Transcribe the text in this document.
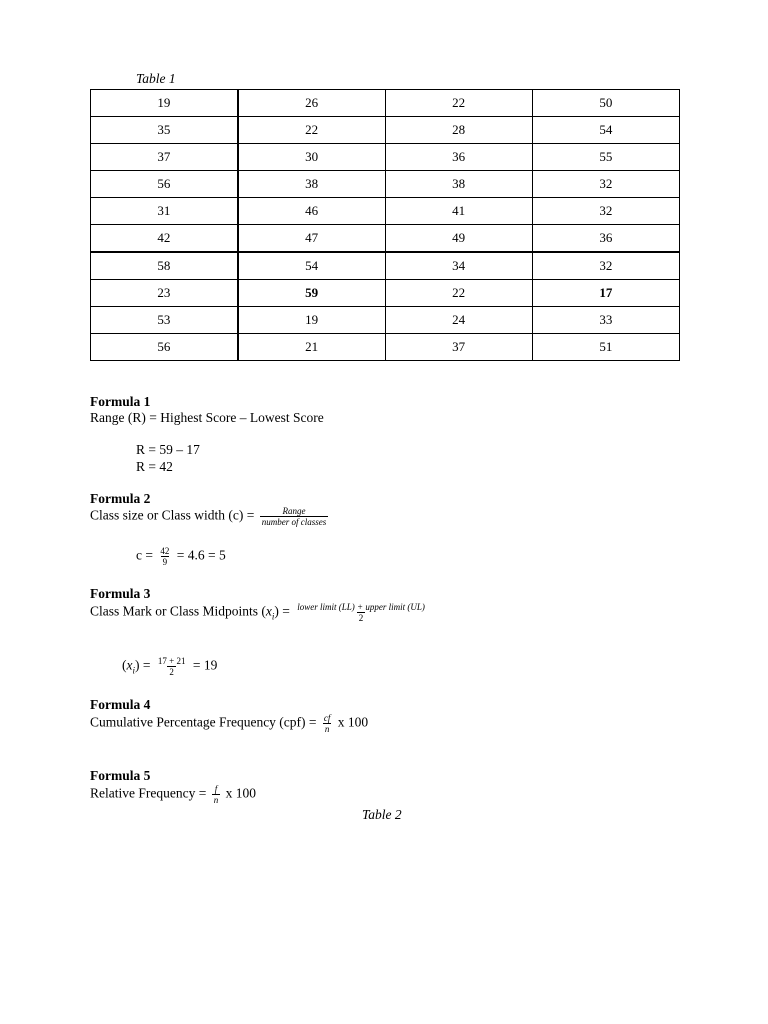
Table 1
19	26	22	50
35	22	28	54
37	30	36	55
56	38	38	32
31	46	41	32
42	47	49	36
58	54	34	32
23	59	22	17
53	19	24	33
56	21	37	51
Formula 1
Range (R) = Highest Score – Lowest Score
R = 59 – 17
R = 42
Formula 2
Class size or Class width $(c) = \frac{\text{Range}}{\text{number of classes}}$
$c = \frac{42}{9} = 4.6 = 5$
Formula 3
Class Mark or Class Midpoints $(x_i) = \frac{\text{lower limit (LL) + upper limit (UL)}}{2}$
$(x_i) = \frac{17 + 21}{2} = 19$
Formula 4
Cumulative Percentage Frequency $(cpf) = \frac{cf}{n}$ x 100
Formula 5
Relative Frequency = $\frac{f}{n}$ x 100
Table 2
